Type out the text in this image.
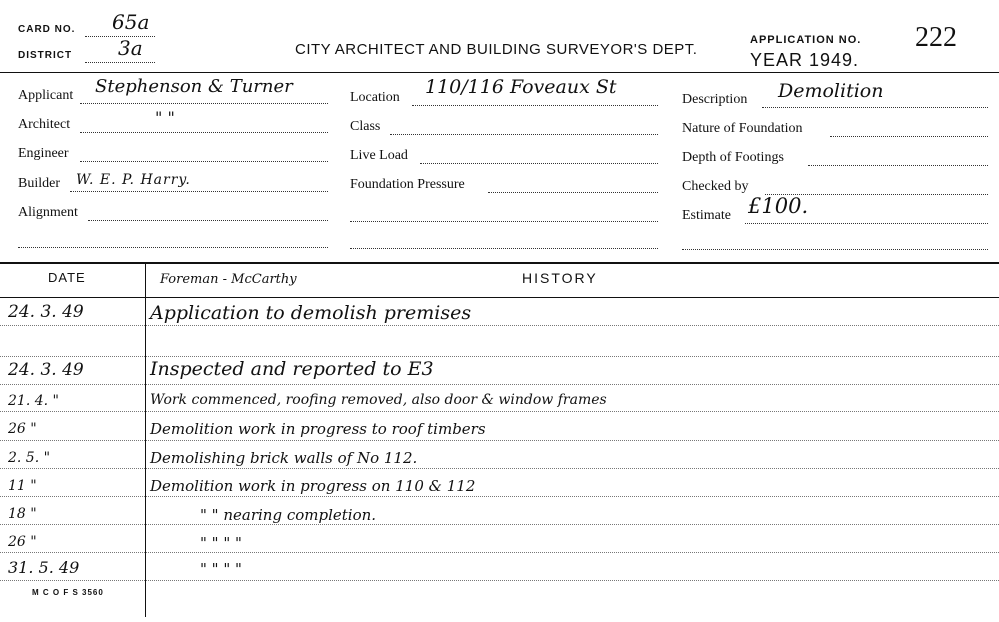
CARD NO. 65a
DISTRICT 3a	CITY ARCHITECT AND BUILDING SURVEYOR'S DEPT.
APPLICATION NO. 222
YEAR 1949.
Applicant Stephenson & Turner
Architect	" "
Engineer
Builder W. E. P. Harry.
Alignment
Location 110/116 Foveaux St
Class
Live Load
Foundation Pressure
Description Demolition
Nature of Foundation
Depth of Footings
Checked by
Estimate £100.
DATE	HISTORY
Foreman - McCarthy
24. 3. 49	Application to demolish premises
24. 3. 49	Inspected and reported to E3
21. 4. "	Work commenced, roofing removed, also door & window frames
26 "	Demolition work in progress to roof timbers
2. 5. "	Demolishing brick walls of No 112.
11 "	Demolition work in progress on 110 & 112
18 "	" " nearing completion.
26 "	" " " "
31. 5. 49	" " " "
M C O F S 3560
